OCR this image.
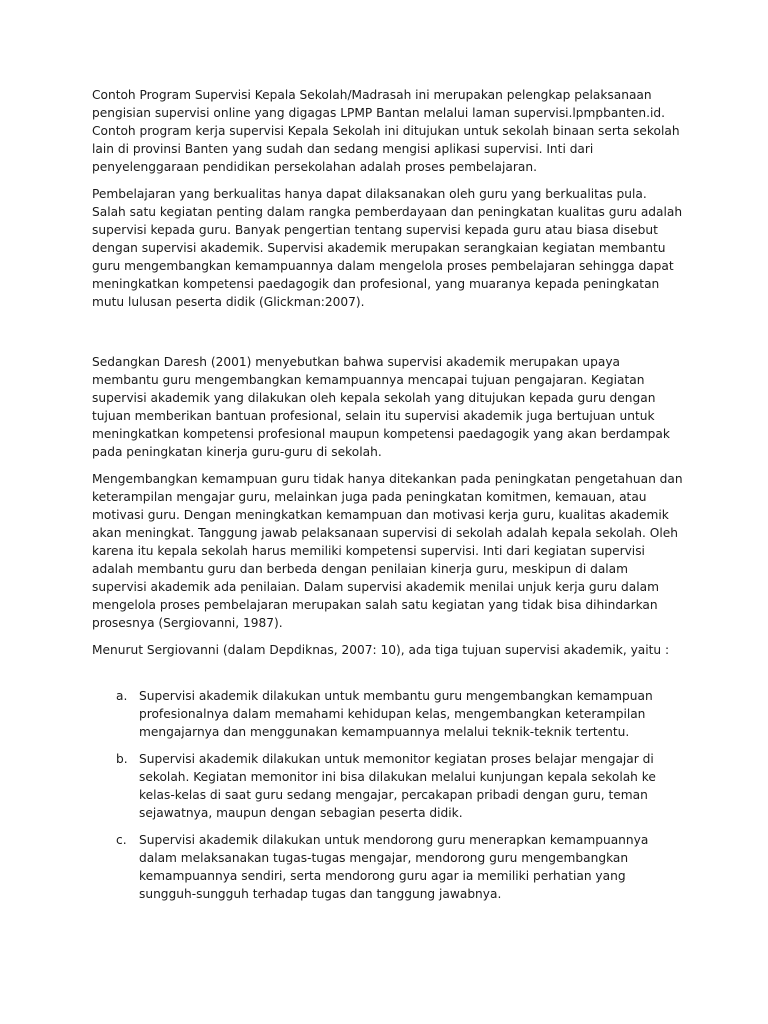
Contoh Program Supervisi Kepala Sekolah/Madrasah ini merupakan pelengkap pelaksanaan pengisian supervisi online yang digagas LPMP Bantan melalui laman supervisi.lpmpbanten.id. Contoh program kerja supervisi Kepala Sekolah ini ditujukan untuk sekolah binaan serta sekolah lain di provinsi Banten yang sudah dan sedang mengisi aplikasi supervisi. Inti dari penyelenggaraan pendidikan persekolahan adalah proses pembelajaran.

Pembelajaran yang berkualitas hanya dapat dilaksanakan oleh guru yang berkualitas pula. Salah satu kegiatan penting dalam rangka pemberdayaan dan peningkatan kualitas guru adalah supervisi kepada guru. Banyak pengertian tentang supervisi kepada guru atau biasa disebut dengan supervisi akademik. Supervisi akademik merupakan serangkaian kegiatan membantu guru mengembangkan kemampuannya dalam mengelola proses pembelajaran sehingga dapat meningkatkan kompetensi paedagogik dan profesional, yang muaranya kepada peningkatan mutu lulusan peserta didik (Glickman:2007).

Sedangkan Daresh (2001) menyebutkan bahwa supervisi akademik merupakan upaya membantu guru mengembangkan kemampuannya mencapai tujuan pengajaran. Kegiatan supervisi akademik yang dilakukan oleh kepala sekolah yang ditujukan kepada guru dengan tujuan memberikan bantuan profesional, selain itu supervisi akademik juga bertujuan untuk meningkatkan kompetensi profesional maupun kompetensi paedagogik yang akan berdampak pada peningkatan kinerja guru-guru di sekolah.

Mengembangkan kemampuan guru tidak hanya ditekankan pada peningkatan pengetahuan dan keterampilan mengajar guru, melainkan juga pada peningkatan komitmen, kemauan, atau motivasi guru. Dengan meningkatkan kemampuan dan motivasi kerja guru, kualitas akademik akan meningkat. Tanggung jawab pelaksanaan supervisi di sekolah adalah kepala sekolah. Oleh karena itu kepala sekolah harus memiliki kompetensi supervisi. Inti dari kegiatan supervisi adalah membantu guru dan berbeda dengan penilaian kinerja guru, meskipun di dalam supervisi akademik ada penilaian. Dalam supervisi akademik menilai unjuk kerja guru dalam mengelola proses pembelajaran merupakan salah satu kegiatan yang tidak bisa dihindarkan prosesnya (Sergiovanni, 1987).

Menurut Sergiovanni (dalam Depdiknas, 2007: 10), ada tiga tujuan supervisi akademik, yaitu :

a. Supervisi akademik dilakukan untuk membantu guru mengembangkan kemampuan profesionalnya dalam memahami kehidupan kelas, mengembangkan keterampilan mengajarnya dan menggunakan kemampuannya melalui teknik-teknik tertentu.
b. Supervisi akademik dilakukan untuk memonitor kegiatan proses belajar mengajar di sekolah. Kegiatan memonitor ini bisa dilakukan melalui kunjungan kepala sekolah ke kelas-kelas di saat guru sedang mengajar, percakapan pribadi dengan guru, teman sejawatnya, maupun dengan sebagian peserta didik.
c. Supervisi akademik dilakukan untuk mendorong guru menerapkan kemampuannya dalam melaksanakan tugas-tugas mengajar, mendorong guru mengembangkan kemampuannya sendiri, serta mendorong guru agar ia memiliki perhatian yang sungguh-sungguh terhadap tugas dan tanggung jawabnya.
